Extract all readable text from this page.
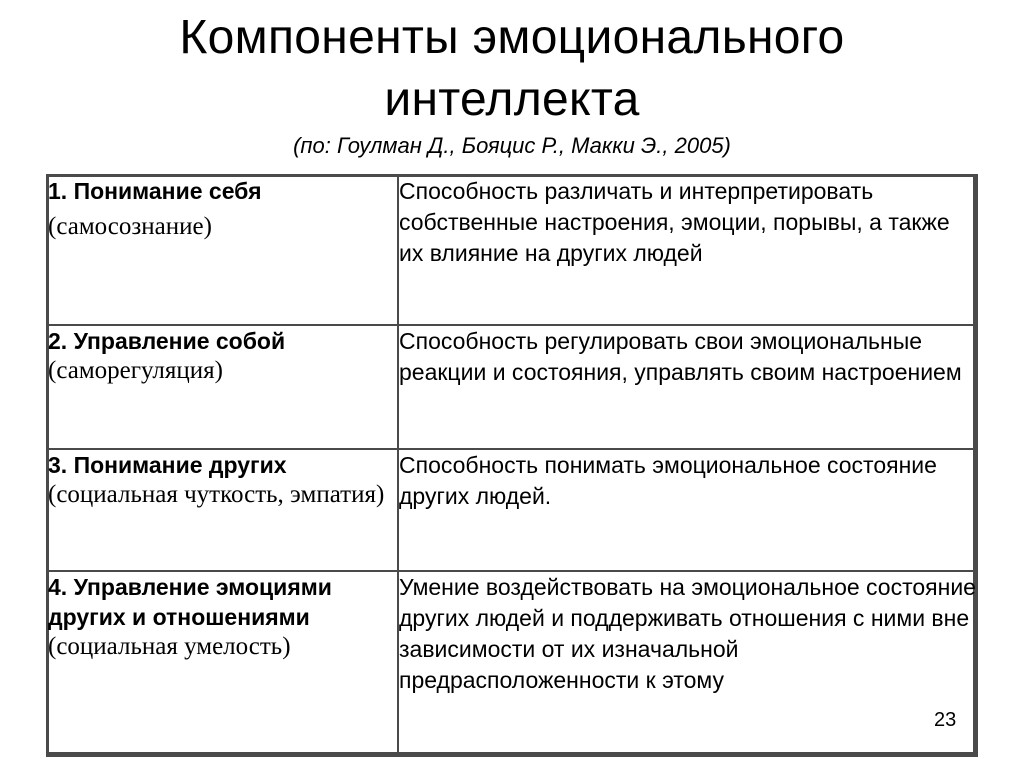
Компоненты эмоционального
интеллекта
(по: Гоулман Д., Бояцис Р., Макки Э., 2005)
1. Понимание себя
(самосознание)	Способность различать и интерпретировать собственные настроения, эмоции, порывы, а также их влияние на других людей

2. Управление собой
(саморегуляция)	Способность регулировать свои эмоциональные реакции и состояния, управлять своим настроением

3. Понимание других
(социальная чуткость, эмпатия)	Способность понимать эмоциональное состояние других людей.

4. Управление эмоциями других и отношениями
(социальная умелость)	Умение воздействовать на эмоциональное состояние других людей и поддерживать отношения с ними вне зависимости от их изначальной предрасположенности к этому
23
